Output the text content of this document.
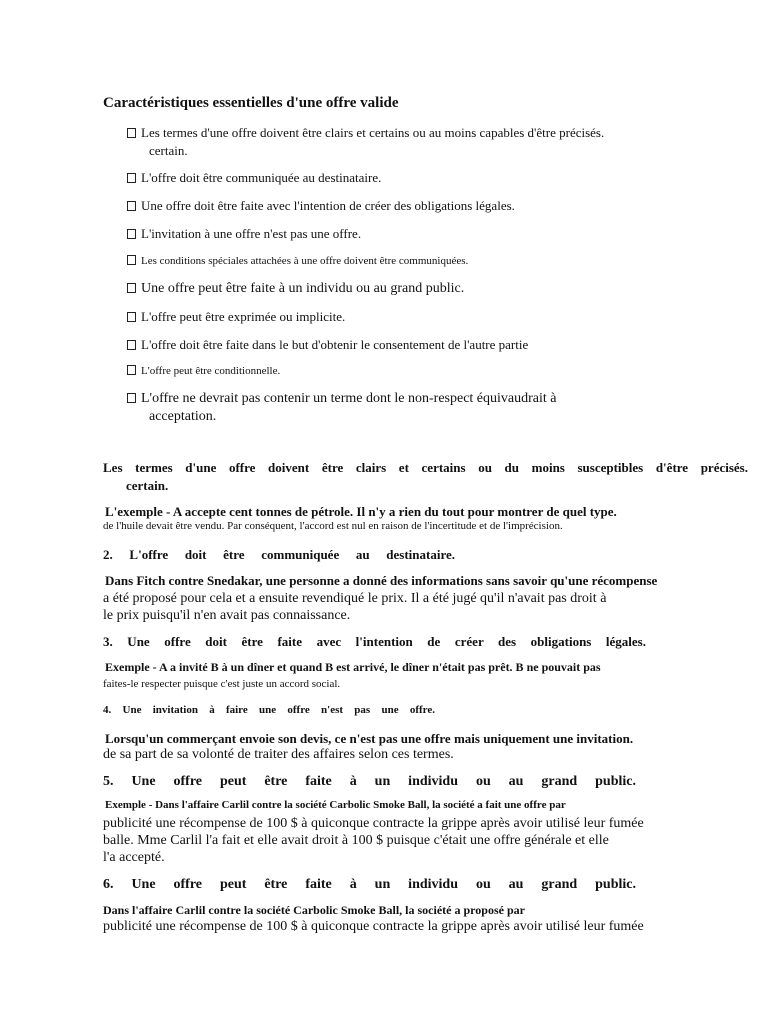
Caractéristiques essentielles d'une offre valide
Les termes d'une offre doivent être clairs et certains ou au moins capables d'être précisés.
certain.
L'offre doit être communiquée au destinataire.
Une offre doit être faite avec l'intention de créer des obligations légales.
L'invitation à une offre n'est pas une offre.
Les conditions spéciales attachées à une offre doivent être communiquées.
Une offre peut être faite à un individu ou au grand public.
L'offre peut être exprimée ou implicite.
L'offre doit être faite dans le but d'obtenir le consentement de l'autre partie
L'offre peut être conditionnelle.
L'offre ne devrait pas contenir un terme dont le non-respect équivaudrait à
acceptation.
Les termes d'une offre doivent être clairs et certains ou du moins susceptibles d'être précisés.
certain.
L'exemple - A accepte cent tonnes de pétrole. Il n'y a rien du tout pour montrer de quel type.
de l'huile devait être vendu. Par conséquent, l'accord est nul en raison de l'incertitude et de l'imprécision.
2. L'offre doit être communiquée au destinataire.
Dans Fitch contre Snedakar, une personne a donné des informations sans savoir qu'une récompense
a été proposé pour cela et a ensuite revendiqué le prix. Il a été jugé qu'il n'avait pas droit à
le prix puisqu'il n'en avait pas connaissance.
3. Une offre doit être faite avec l'intention de créer des obligations légales.
Exemple - A a invité B à un dîner et quand B est arrivé, le dîner n'était pas prêt. B ne pouvait pas
faites-le respecter puisque c'est juste un accord social.
4. Une invitation à faire une offre n'est pas une offre.
Lorsqu'un commerçant envoie son devis, ce n'est pas une offre mais uniquement une invitation.
de sa part de sa volonté de traiter des affaires selon ces termes.
5. Une offre peut être faite à un individu ou au grand public.
Exemple - Dans l'affaire Carlil contre la société Carbolic Smoke Ball, la société a fait une offre par
publicité une récompense de 100 $ à quiconque contracte la grippe après avoir utilisé leur fumée
balle. Mme Carlil l'a fait et elle avait droit à 100 $ puisque c'était une offre générale et elle
l'a accepté.
6. Une offre peut être faite à un individu ou au grand public.
Dans l'affaire Carlil contre la société Carbolic Smoke Ball, la société a proposé par
publicité une récompense de 100 $ à quiconque contracte la grippe après avoir utilisé leur fumée
